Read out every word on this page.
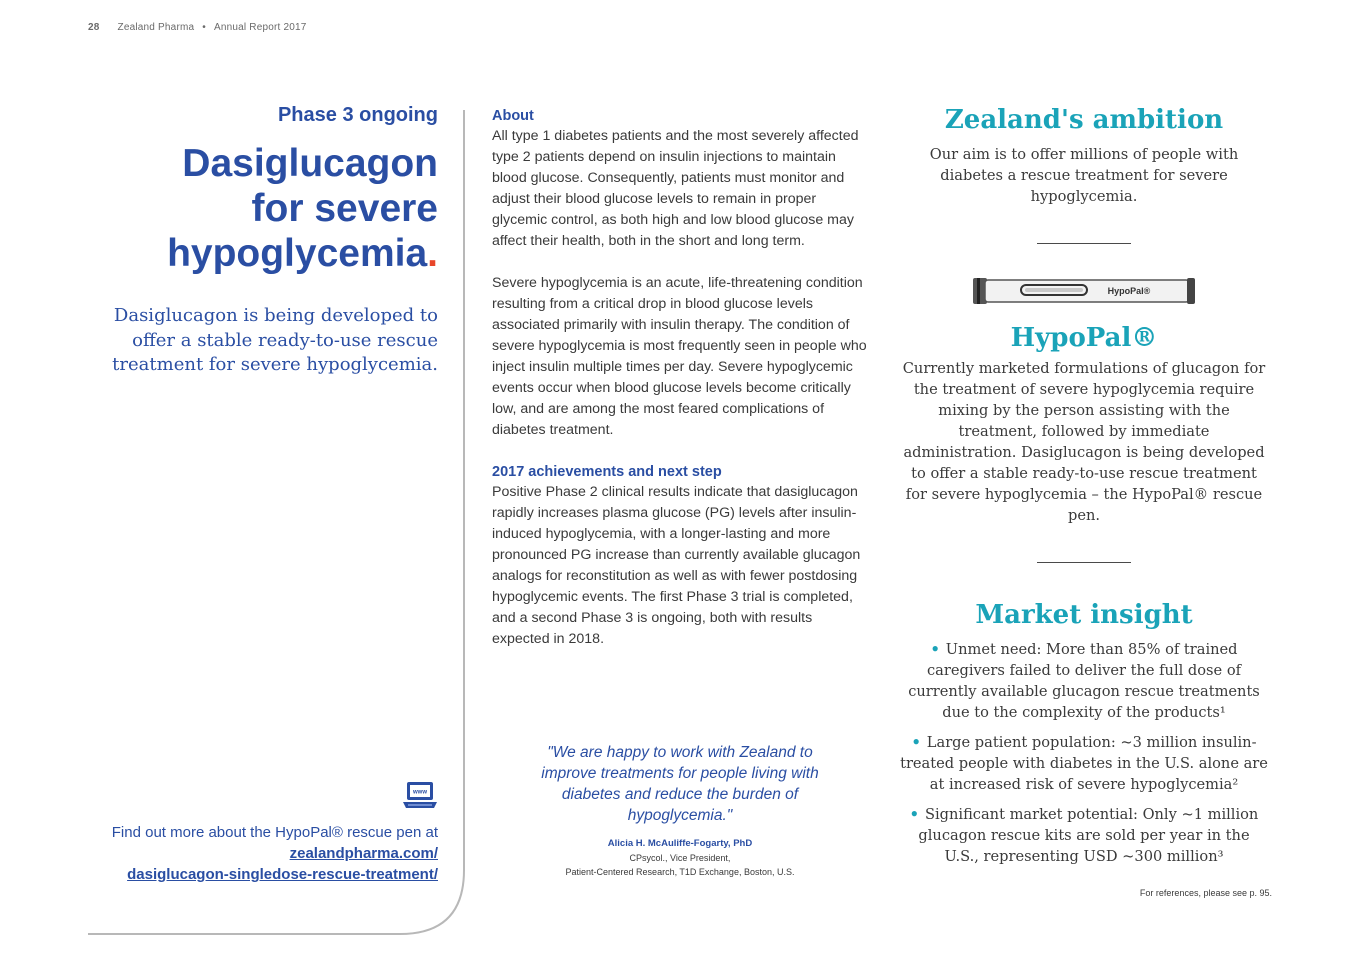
28 Zealand Pharma • Annual Report 2017
Phase 3 ongoing
Dasiglucagon
for severe
hypoglycemia.
Dasiglucagon is being developed to offer a stable ready-to-use rescue treatment for severe hypoglycemia.
www
Find out more about the HypoPal® rescue pen at
zealandpharma.com/
dasiglucagon-singledose-rescue-treatment/
About

All type 1 diabetes patients and the most severely affected type 2 patients depend on insulin injections to maintain blood glucose. Consequently, patients must monitor and adjust their blood glucose levels to remain in proper glycemic control, as both high and low blood glucose may affect their health, both in the short and long term.

Severe hypoglycemia is an acute, life-threatening condition resulting from a critical drop in blood glucose levels associated primarily with insulin therapy. The condition of severe hypoglycemia is most frequently seen in people who inject insulin multiple times per day. Severe hypoglycemic events occur when blood glucose levels become critically low, and are among the most feared complications of diabetes treatment.

2017 achievements and next step

Positive Phase 2 clinical results indicate that dasiglucagon rapidly increases plasma glucose (PG) levels after insulin-induced hypoglycemia, with a longer-lasting and more pronounced PG increase than currently available glucagon analogs for reconstitution as well as with fewer postdosing hypoglycemic events. The first Phase 3 trial is completed, and a second Phase 3 is ongoing, both with results expected in 2018.

"We are happy to work with Zealand to improve treatments for people living with diabetes and reduce the burden of hypoglycemia."
Alicia H. McAuliffe-Fogarty, PhD
CPsycol., Vice President,
Patient-Centered Research, T1D Exchange, Boston, U.S.
Zealand's ambition

Our aim is to offer millions of people with diabetes a rescue treatment for severe hypoglycemia.

HypoPal®
HypoPal®

Currently marketed formulations of glucagon for the treatment of severe hypoglycemia require mixing by the person assisting with the treatment, followed by immediate administration. Dasiglucagon is being developed to offer a stable ready-to-use rescue treatment for severe hypoglycemia – the HypoPal® rescue pen.

Market insight
• Unmet need: More than 85% of trained caregivers failed to deliver the full dose of currently available glucagon rescue treatments due to the complexity of the products¹
• Large patient population: ~3 million insulin-treated people with diabetes in the U.S. alone are at increased risk of severe hypoglycemia²
• Significant market potential: Only ~1 million glucagon rescue kits are sold per year in the U.S., representing USD ~300 million³
For references, please see p. 95.
